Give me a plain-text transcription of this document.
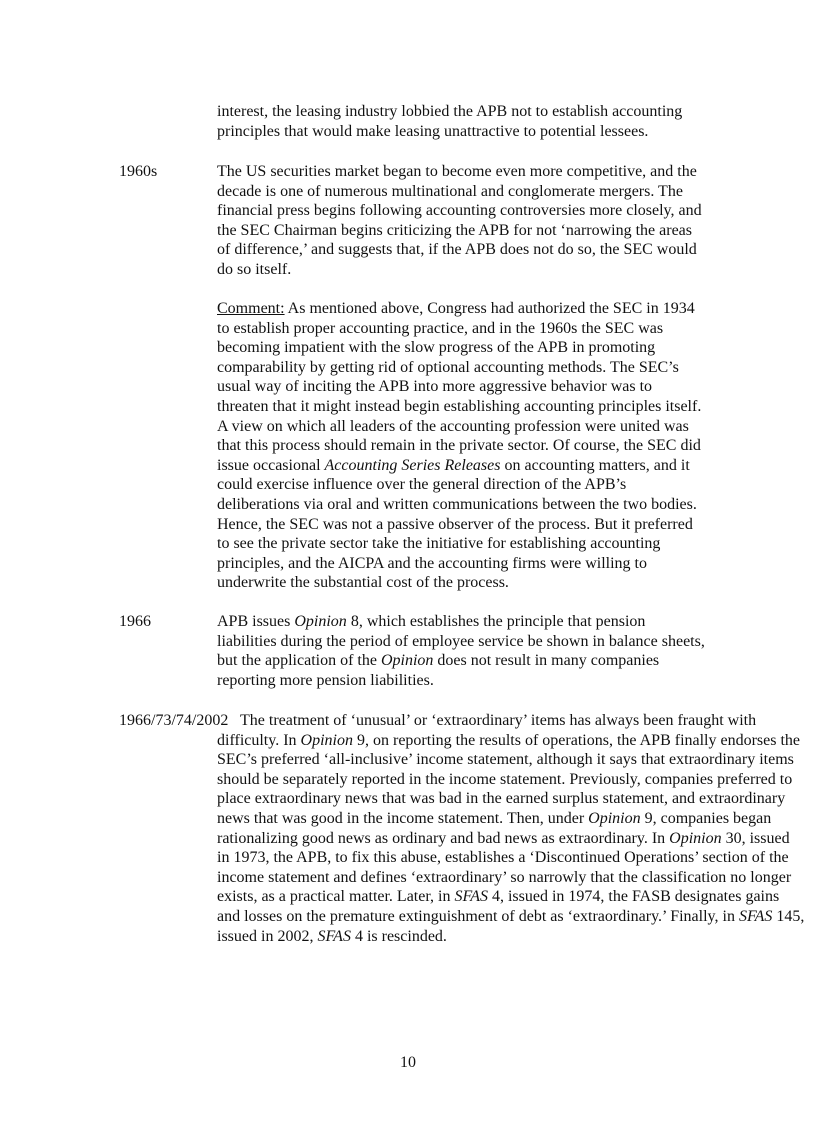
interest, the leasing industry lobbied the APB not to establish accounting principles that would make leasing unattractive to potential lessees.

1960s	The US securities market began to become even more competitive, and the decade is one of numerous multinational and conglomerate mergers. The financial press begins following accounting controversies more closely, and the SEC Chairman begins criticizing the APB for not ‘narrowing the areas of difference,’ and suggests that, if the APB does not do so, the SEC would do so itself.

Comment: As mentioned above, Congress had authorized the SEC in 1934 to establish proper accounting practice, and in the 1960s the SEC was becoming impatient with the slow progress of the APB in promoting comparability by getting rid of optional accounting methods. The SEC’s usual way of inciting the APB into more aggressive behavior was to threaten that it might instead begin establishing accounting principles itself. A view on which all leaders of the accounting profession were united was that this process should remain in the private sector. Of course, the SEC did issue occasional Accounting Series Releases on accounting matters, and it could exercise influence over the general direction of the APB’s deliberations via oral and written communications between the two bodies. Hence, the SEC was not a passive observer of the process. But it preferred to see the private sector take the initiative for establishing accounting principles, and the AICPA and the accounting firms were willing to underwrite the substantial cost of the process.

1966	APB issues Opinion 8, which establishes the principle that pension liabilities during the period of employee service be shown in balance sheets, but the application of the Opinion does not result in many companies reporting more pension liabilities.

1966/73/74/2002 The treatment of ‘unusual’ or ‘extraordinary’ items has always been fraught with difficulty. In Opinion 9, on reporting the results of operations, the APB finally endorses the SEC’s preferred ‘all-inclusive’ income statement, although it says that extraordinary items should be separately reported in the income statement. Previously, companies preferred to place extraordinary news that was bad in the earned surplus statement, and extraordinary news that was good in the income statement. Then, under Opinion 9, companies began rationalizing good news as ordinary and bad news as extraordinary. In Opinion 30, issued in 1973, the APB, to fix this abuse, establishes a ‘Discontinued Operations’ section of the income statement and defines ‘extraordinary’ so narrowly that the classification no longer exists, as a practical matter. Later, in SFAS 4, issued in 1974, the FASB designates gains and losses on the premature extinguishment of debt as ‘extraordinary.’ Finally, in SFAS 145, issued in 2002, SFAS 4 is rescinded.

10
